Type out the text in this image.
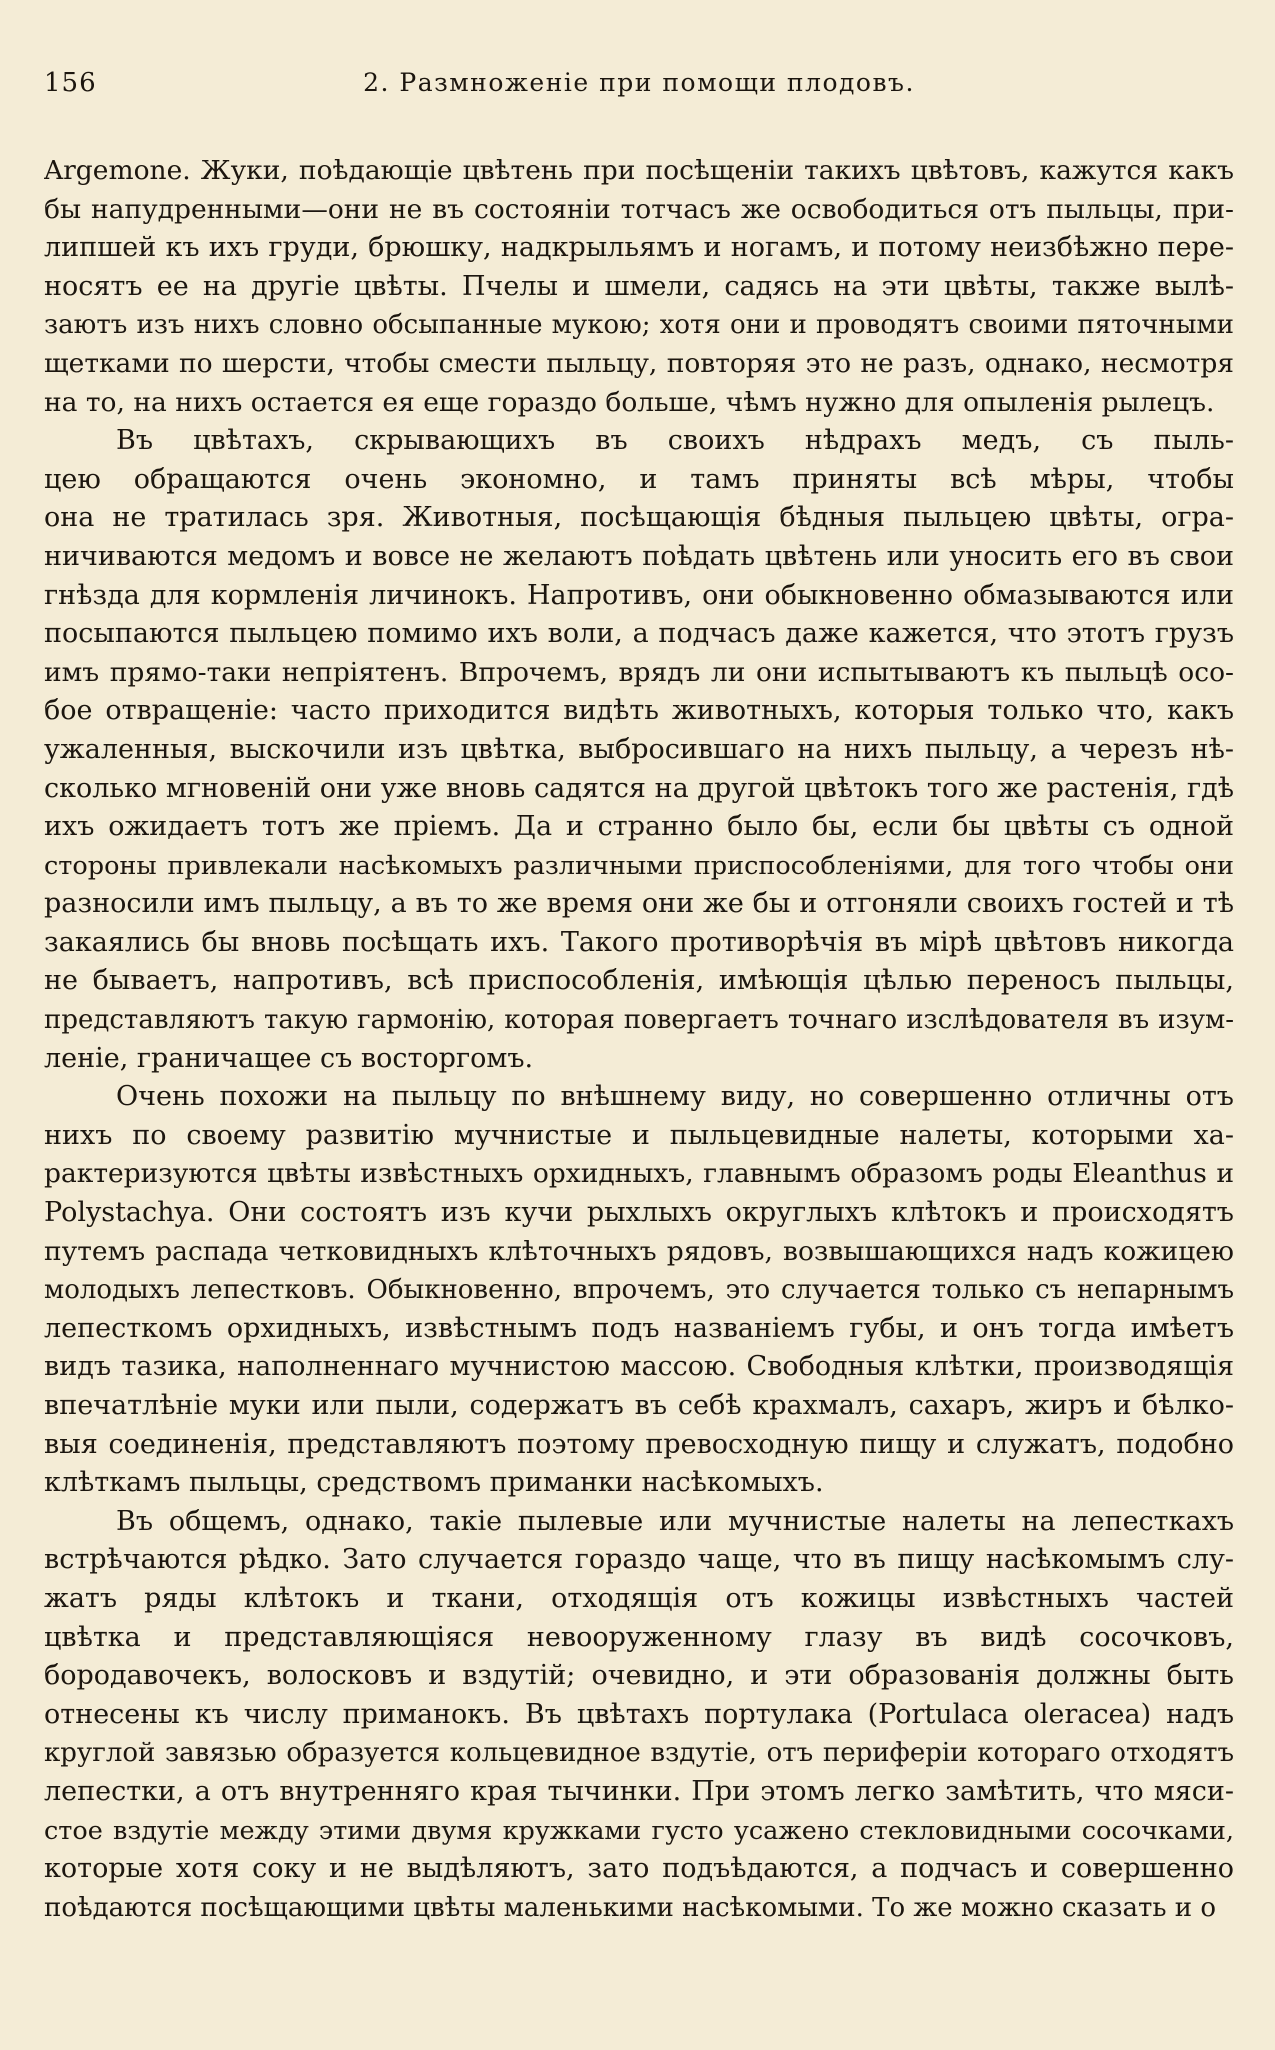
156	2. Размноженіе при помощи плодовъ.
Argemone. Жуки, поѣдающіе цвѣтень при посѣщеніи такихъ цвѣтовъ, кажутся какъ
бы напудренными—они не въ состояніи тотчасъ же освободиться отъ пыльцы, при-
липшей къ ихъ груди, брюшку, надкрыльямъ и ногамъ, и потому неизбѣжно пере-
носятъ ее на другіе цвѣты. Пчелы и шмели, садясь на эти цвѣты, также вылѣ-
заютъ изъ нихъ словно обсыпанные мукою; хотя они и проводятъ своими пяточными
щетками по шерсти, чтобы смести пыльцу, повторяя это не разъ, однако, несмотря
на то, на нихъ остается ея еще гораздо больше, чѣмъ нужно для опыленія рылецъ.
Въ цвѣтахъ, скрывающихъ въ своихъ нѣдрахъ медъ, съ пыль-
цею обращаются очень экономно, и тамъ приняты всѣ мѣры, чтобы
она не тратилась зря. Животныя, посѣщающія бѣдныя пыльцею цвѣты, огра-
ничиваются медомъ и вовсе не желаютъ поѣдать цвѣтень или уносить его въ свои
гнѣзда для кормленія личинокъ. Напротивъ, они обыкновенно обмазываются или
посыпаются пыльцею помимо ихъ воли, а подчасъ даже кажется, что этотъ грузъ
имъ прямо-таки непріятенъ. Впрочемъ, врядъ ли они испытываютъ къ пыльцѣ осо-
бое отвращеніе: часто приходится видѣть животныхъ, которыя только что, какъ
ужаленныя, выскочили изъ цвѣтка, выбросившаго на нихъ пыльцу, а черезъ нѣ-
сколько мгновеній они уже вновь садятся на другой цвѣтокъ того же растенія, гдѣ
ихъ ожидаетъ тотъ же пріемъ. Да и странно было бы, если бы цвѣты съ одной
стороны привлекали насѣкомыхъ различными приспособленіями, для того чтобы они
разносили имъ пыльцу, а въ то же время они же бы и отгоняли своихъ гостей и тѣ
закаялись бы вновь посѣщать ихъ. Такого противорѣчія въ мірѣ цвѣтовъ никогда
не бываетъ, напротивъ, всѣ приспособленія, имѣющія цѣлью переносъ пыльцы,
представляютъ такую гармонію, которая повергаетъ точнаго изслѣдователя въ изум-
леніе, граничащее съ восторгомъ.
Очень похожи на пыльцу по внѣшнему виду, но совершенно отличны отъ
нихъ по своему развитію мучнистые и пыльцевидные налеты, которыми ха-
рактеризуются цвѣты извѣстныхъ орхидныхъ, главнымъ образомъ роды Eleanthus и
Polystachya. Они состоятъ изъ кучи рыхлыхъ округлыхъ клѣтокъ и происходятъ
путемъ распада четковидныхъ клѣточныхъ рядовъ, возвышающихся надъ кожицею
молодыхъ лепестковъ. Обыкновенно, впрочемъ, это случается только съ непарнымъ
лепесткомъ орхидныхъ, извѣстнымъ подъ названіемъ губы, и онъ тогда имѣетъ
видъ тазика, наполненнаго мучнистою массою. Свободныя клѣтки, производящія
впечатлѣніе муки или пыли, содержатъ въ себѣ крахмалъ, сахаръ, жиръ и бѣлко-
выя соединенія, представляютъ поэтому превосходную пищу и служатъ, подобно
клѣткамъ пыльцы, средствомъ приманки насѣкомыхъ.
Въ общемъ, однако, такіе пылевые или мучнистые налеты на лепесткахъ
встрѣчаются рѣдко. Зато случается гораздо чаще, что въ пищу насѣкомымъ слу-
жатъ ряды клѣтокъ и ткани, отходящія отъ кожицы извѣстныхъ частей
цвѣтка и представляющіяся невооруженному глазу въ видѣ сосочковъ,
бородавочекъ, волосковъ и вздутій; очевидно, и эти образованія должны быть
отнесены къ числу приманокъ. Въ цвѣтахъ портулака (Portulaca oleracea) надъ
круглой завязью образуется кольцевидное вздутіе, отъ периферіи котораго отходятъ
лепестки, а отъ внутренняго края тычинки. При этомъ легко замѣтить, что мяси-
стое вздутіе между этими двумя кружками густо усажено стекловидными сосочками,
которые хотя соку и не выдѣляютъ, зато подъѣдаются, а подчасъ и совершенно
поѣдаются посѣщающими цвѣты маленькими насѣкомыми. То же можно сказать и о
